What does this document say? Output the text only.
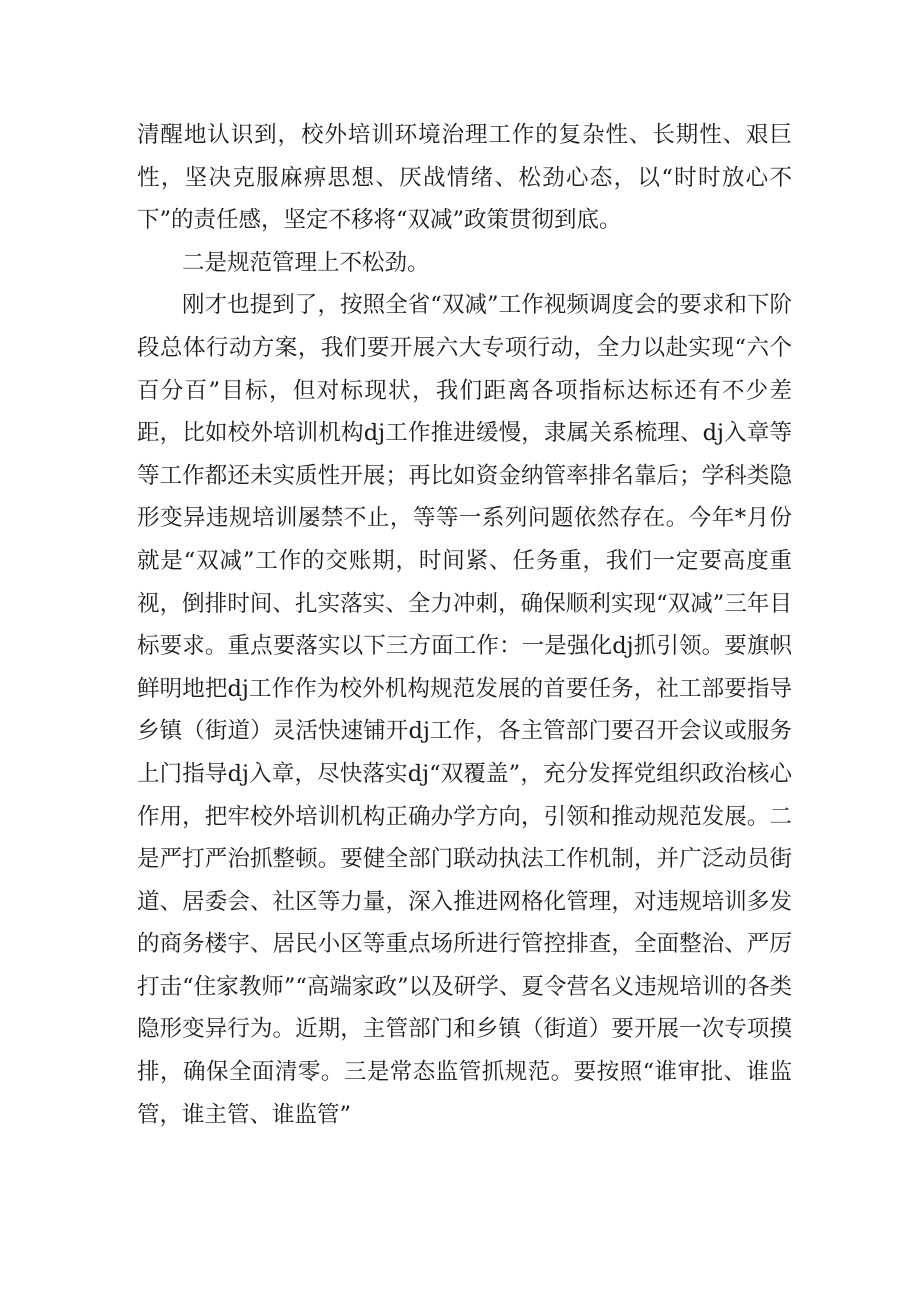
清醒地认识到，校外培训环境治理工作的复杂性、长期性、艰巨性，坚决克服麻痹思想、厌战情绪、松劲心态，以“时时放心不下”的责任感，坚定不移将“双减”政策贯彻到底。

二是规范管理上不松劲。

刚才也提到了，按照全省“双减”工作视频调度会的要求和下阶段总体行动方案，我们要开展六大专项行动，全力以赴实现“六个百分百”目标，但对标现状，我们距离各项指标达标还有不少差距，比如校外培训机构dj工作推进缓慢，隶属关系梳理、dj入章等等工作都还未实质性开展；再比如资金纳管率排名靠后；学科类隐形变异违规培训屡禁不止，等等一系列问题依然存在。今年*月份就是“双减”工作的交账期，时间紧、任务重，我们一定要高度重视，倒排时间、扎实落实、全力冲刺，确保顺利实现“双减”三年目标要求。重点要落实以下三方面工作：一是强化dj抓引领。要旗帜鲜明地把dj工作作为校外机构规范发展的首要任务，社工部要指导乡镇（街道）灵活快速铺开dj工作，各主管部门要召开会议或服务上门指导dj入章，尽快落实dj“双覆盖”，充分发挥党组织政治核心作用，把牢校外培训机构正确办学方向，引领和推动规范发展。二是严打严治抓整顿。要健全部门联动执法工作机制，并广泛动员街道、居委会、社区等力量，深入推进网格化管理，对违规培训多发的商务楼宇、居民小区等重点场所进行管控排查，全面整治、严厉打击“住家教师”“高端家政”以及研学、夏令营名义违规培训的各类隐形变异行为。近期，主管部门和乡镇（街道）要开展一次专项摸排，确保全面清零。三是常态监管抓规范。要按照“谁审批、谁监管，谁主管、谁监管”
